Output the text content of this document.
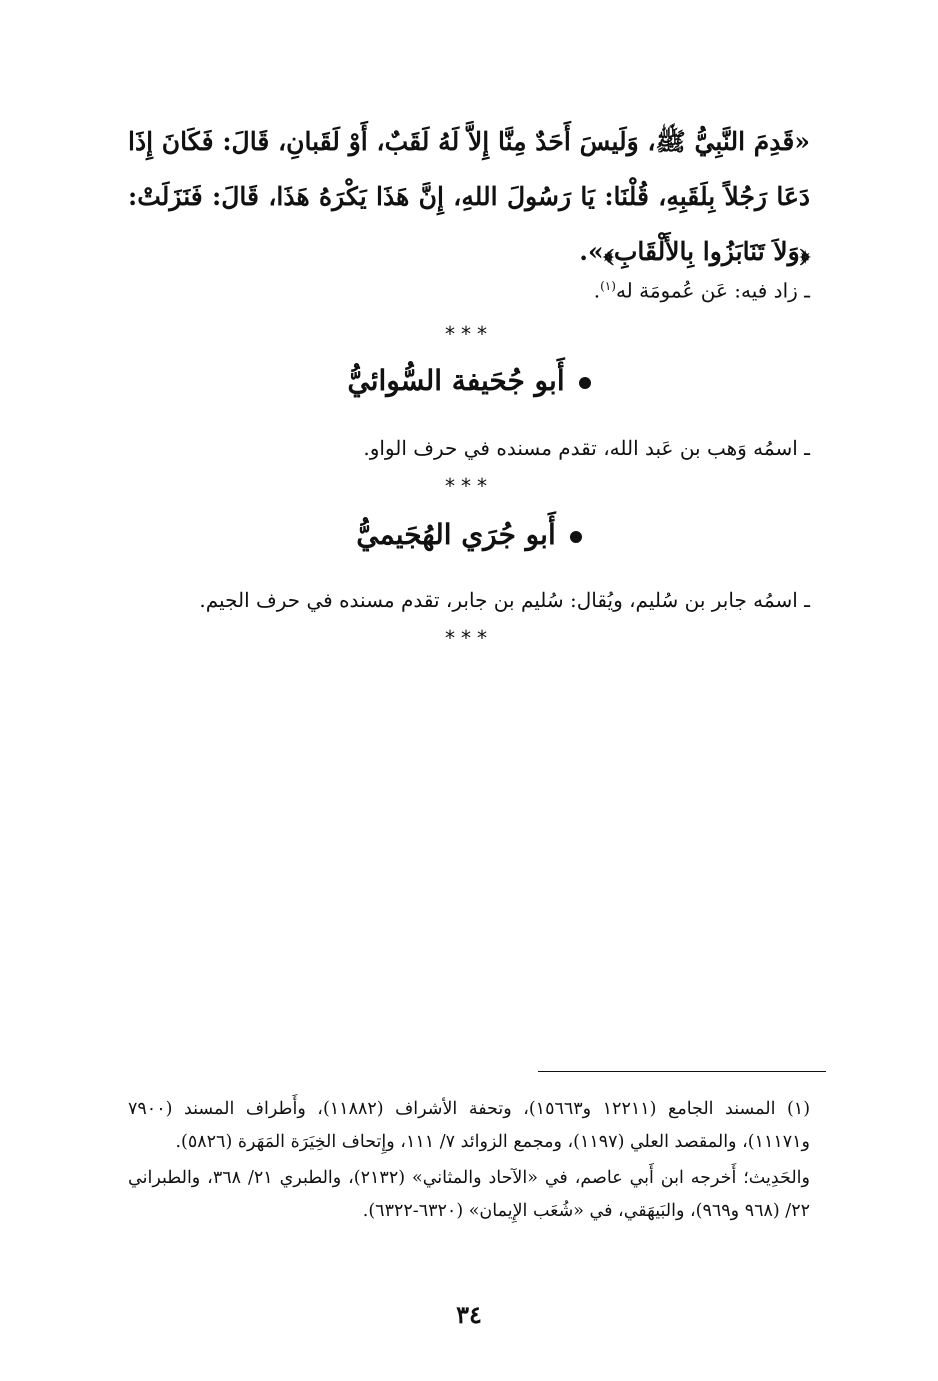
«قَدِمَ النَّبِيُّ ﷺ، وَلَيسَ أَحَدٌ مِنَّا إِلاَّ لَهُ لَقَبٌ، أَوْ لَقَبانِ، قَالَ: فَكَانَ إِذَا دَعَا رَجُلاً بِلَقَبِهِ، قُلْنَا: يَا رَسُولَ اللهِ، إِنَّ هَذَا يَكْرَهُ هَذَا، قَالَ: فَنَزَلَتْ: ﴿وَلاَ تَنَابَزُوا بِالأَلْقَابِ﴾».
ـ زاد فيه: عَن عُمومَة له$^{(١)}$.
***
أَبو جُحَيفة السُّوائيُّ
ـ اسمُه وَهب بن عَبد الله، تقدم مسنده في حرف الواو.
***
أَبو جُرَي الهُجَيميُّ
ـ اسمُه جابر بن سُليم، ويُقال: سُليم بن جابر، تقدم مسنده في حرف الجيم.
***

(١) المسند الجامع (١٢٢١١ و١٥٦٦٣)، وتحفة الأشراف (١١٨٨٢)، وأَطراف المسند (٧٩٠٠ و١١١٧١)، والمقصد العلي (١١٩٧)، ومجمع الزوائد ٧/ ١١١، وإِتحاف الخِيَرَة المَهَرة (٥٨٢٦).

والحَدِيث؛ أَخرجه ابن أَبي عاصم، في «الآحاد والمثاني» (٢١٣٢)، والطبري ٢١/ ٣٦٨، والطبراني ٢٢/ (٩٦٨ و٩٦٩)، والبَيهَقي، في «شُعَب الإِيمان» (٦٣٢٠-٦٣٢٢).

٣٤
